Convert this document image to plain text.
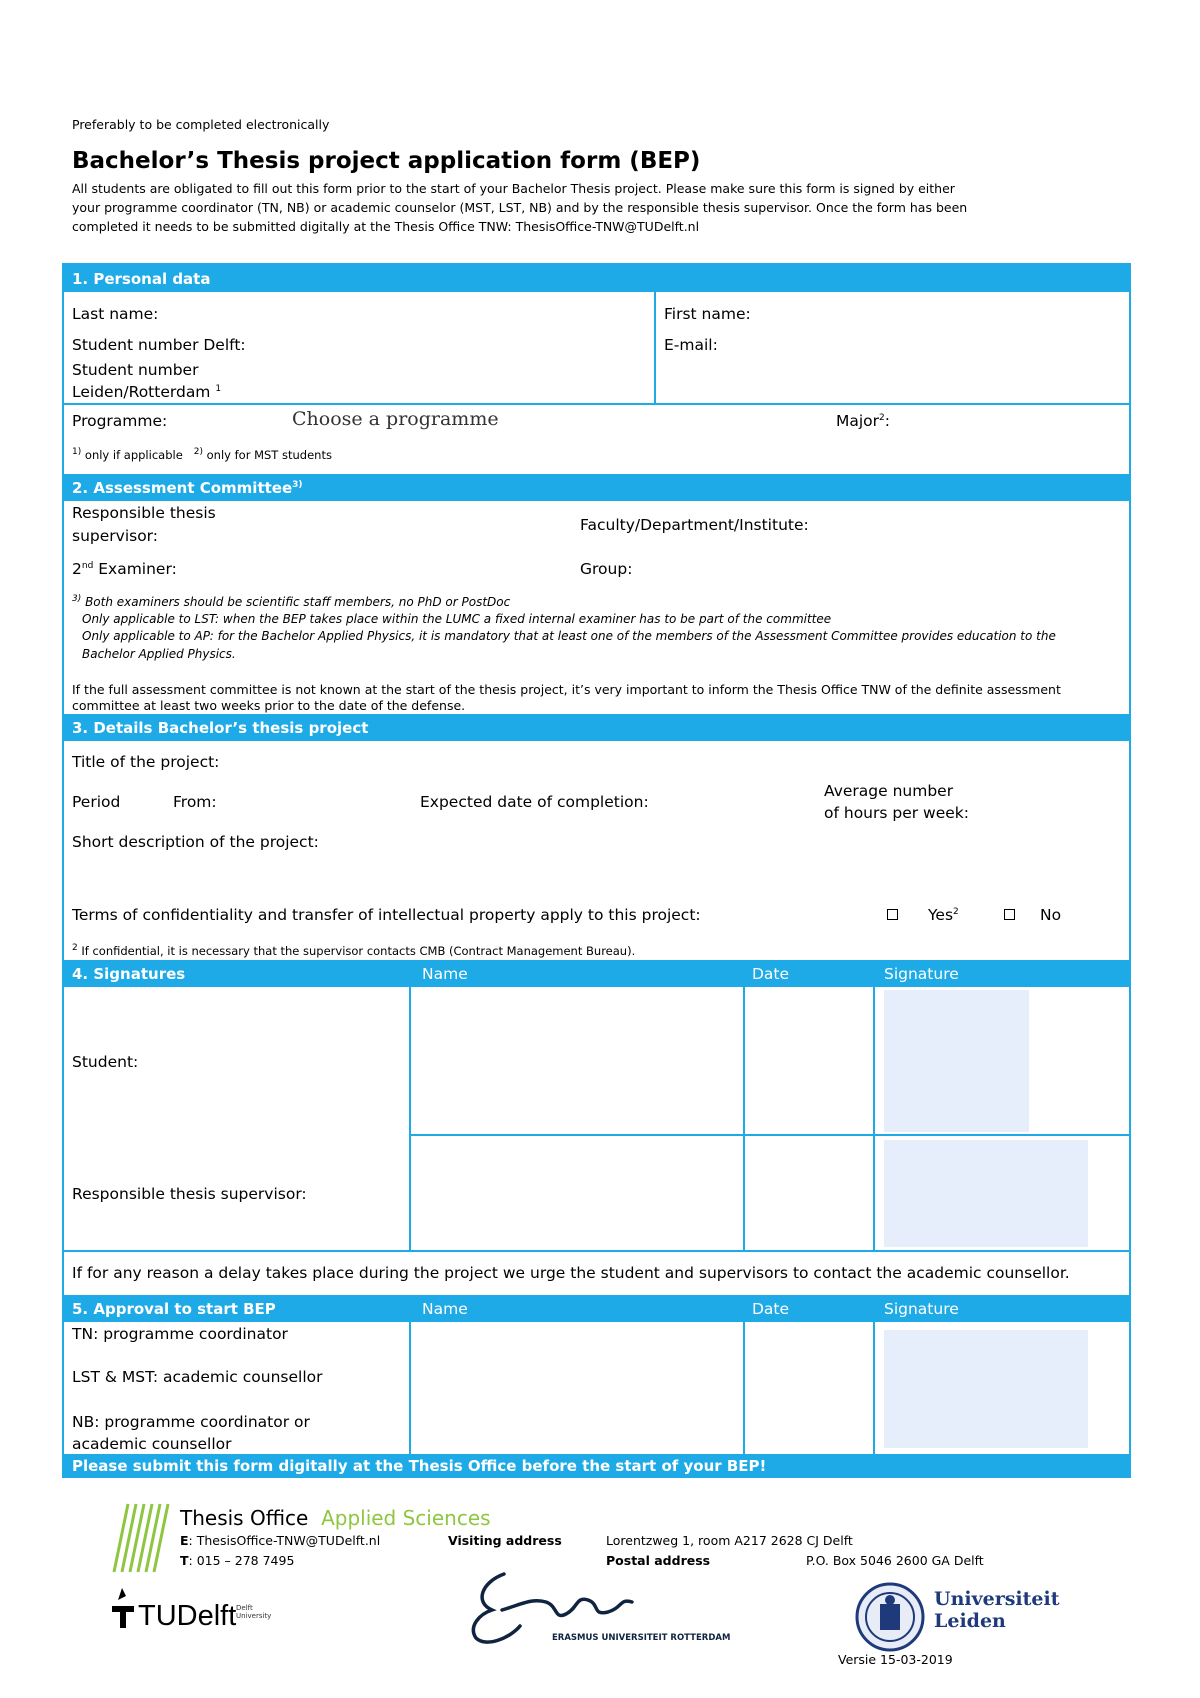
Preferably to be completed electronically
Bachelor’s Thesis project application form (BEP)
All students are obligated to fill out this form prior to the start of your Bachelor Thesis project. Please make sure this form is signed by either
your programme coordinator (TN, NB) or academic counselor (MST, LST, NB) and by the responsible thesis supervisor. Once the form has been
completed it needs to be submitted digitally at the Thesis Office TNW: ThesisOffice-TNW@TUDelft.nl
1. Personal data
Last name:	First name:
Student number Delft:	E-mail:
Student number
Leiden/Rotterdam $^1$
Programme:	Choose a programme	Major$^2$:
$^{1)}$ only if applicable $^{2)}$ only for MST students
2. Assessment Committee$^{3)}$
Responsible thesis
supervisor:
Faculty/Department/Institute:
2nd Examiner:	Group:
$^{3)}$ Both examiners should be scientific staff members, no PhD or PostDoc
Only applicable to LST: when the BEP takes place within the LUMC a fixed internal examiner has to be part of the committee
Only applicable to AP: for the Bachelor Applied Physics, it is mandatory that at least one of the members of the Assessment Committee provides education to the
Bachelor Applied Physics.
If the full assessment committee is not known at the start of the thesis project, it’s very important to inform the Thesis Office TNW of the definite assessment
committee at least two weeks prior to the date of the defense.
3. Details Bachelor’s thesis project
Title of the project:
Period	From:	Expected date of completion:
Average number
of hours per week:
Short description of the project:
Terms of confidentiality and transfer of intellectual property apply to this project:	Yes$^2$	No
$^2$ If confidential, it is necessary that the supervisor contacts CMB (Contract Management Bureau).
4. Signatures	Name	Date	Signature
Student:
Responsible thesis supervisor:
If for any reason a delay takes place during the project we urge the student and supervisors to contact the academic counsellor.
5. Approval to start BEP	Name	Date	Signature
TN: programme coordinator
LST & MST: academic counsellor
NB: programme coordinator or
academic counsellor
Please submit this form digitally at the Thesis Office before the start of your BEP!
Thesis Office Applied Sciences
E: ThesisOffice-TNW@TUDelft.nl
T: 015 – 278 7495
Visiting address	Lorentzweg 1, room A217 2628 CJ Delft
Postal address	P.O. Box 5046 2600 GA Delft
TUDelft Delft
University
ERASMUS UNIVERSITEIT ROTTERDAM
Universiteit
Leiden
Versie 15-03-2019
